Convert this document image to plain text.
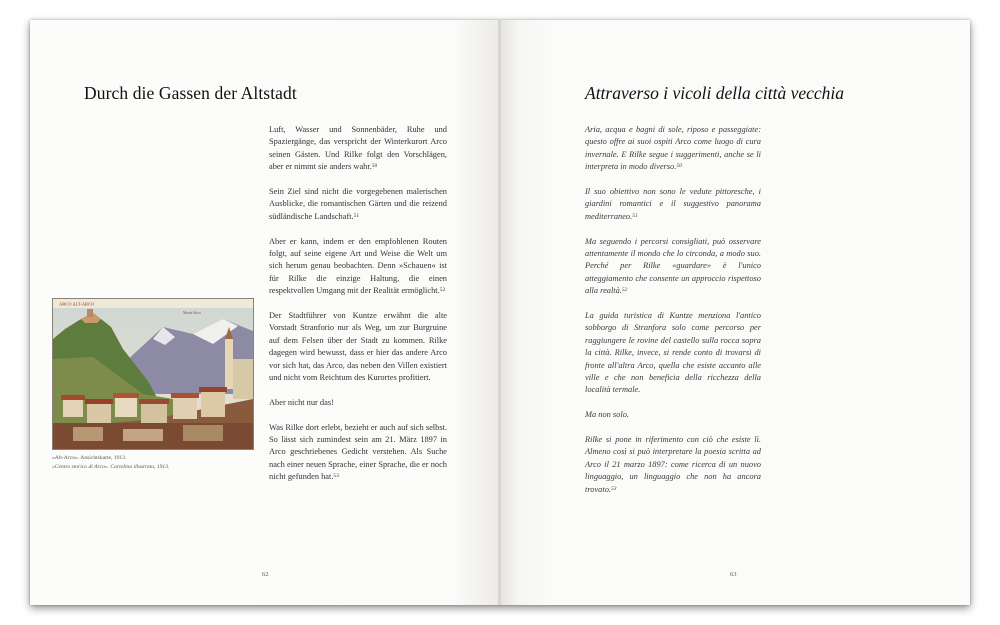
Durch die Gassen der Altstadt
ARCO ALT-ARCO
Monte Stivo
»Alt-Arco«. Ansichtskarte, 1913.
«Centro storico di Arco». Cartolina illustrata, 1913.

Luft, Wasser und Sonnenbäder, Ruhe und Spaziergänge, das verspricht der Winterkurort Arco seinen Gästen. Und Rilke folgt den Vorschlägen, aber er nimmt sie anders wahr.$^{50}$

Sein Ziel sind nicht die vorgegebenen malerischen Ausblicke, die romantischen Gärten und die reizend südländische Landschaft.$^{51}$

Aber er kann, indem er den empfohlenen Routen folgt, auf seine eigene Art und Weise die Welt um sich herum genau beobachten. Denn »Schauen« ist für Rilke die einzige Haltung, die einen respektvollen Umgang mit der Realität ermöglicht.$^{52}$

Der Stadtführer von Kuntze erwähnt die alte Vorstadt Stranforio nur als Weg, um zur Burgruine auf dem Felsen über der Stadt zu kommen. Rilke dagegen wird bewusst, dass er hier das andere Arco vor sich hat, das Arco, das neben den Villen existiert und nicht vom Reichtum des Kurortes profitiert.

Aber nicht nur das!

Was Rilke dort erlebt, bezieht er auch auf sich selbst. So lässt sich zumindest sein am 21. März 1897 in Arco geschriebenes Gedicht verstehen. Als Suche nach einer neuen Sprache, einer Sprache, die er noch nicht gefunden hat.$^{53}$

62
Attraverso i vicoli della città vecchia

Aria, acqua e bagni di sole, riposo e passeggiate: questo offre ai suoi ospiti Arco come luogo di cura invernale. E Rilke segue i suggerimenti, anche se li interpreta in modo diverso.$^{50}$

Il suo obiettivo non sono le vedute pittoresche, i giardini romantici e il suggestivo panorama mediterraneo.$^{51}$

Ma seguendo i percorsi consigliati, può osservare attentamente il mondo che lo circonda, a modo suo. Perché per Rilke «guardare» è l'unico atteggiamento che consente un approccio rispettoso alla realtà.$^{52}$

La guida turistica di Kuntze menziona l'antico sobborgo di Stranfora solo come percorso per raggiungere le rovine del castello sulla rocca sopra la città. Rilke, invece, si rende conto di trovarsi di fronte all'altra Arco, quella che esiste accanto alle ville e che non beneficia della ricchezza della località termale.

Ma non solo.

Rilke si pone in riferimento con ciò che esiste lì. Almeno così si può interpretare la poesia scritta ad Arco il 21 marzo 1897: come ricerca di un nuovo linguaggio, un linguaggio che non ha ancora trovato.$^{53}$

63
